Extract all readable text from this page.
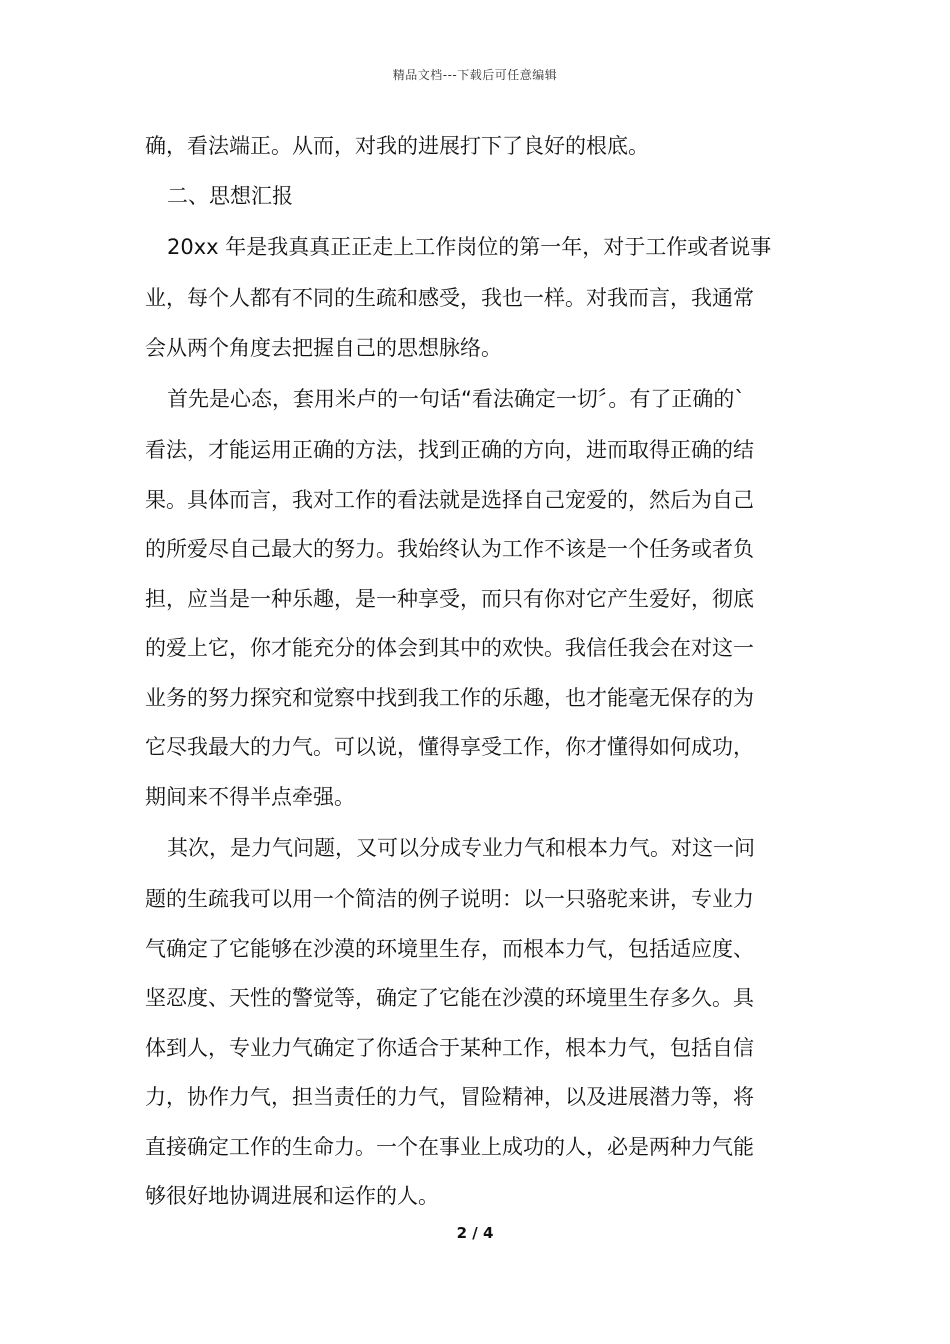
精品文档---下载后可任意编辑
确，看法端正。从而，对我的进展打下了良好的根底。
二、思想汇报
20xx 年是我真真正正走上工作岗位的第一年，对于工作或者说事
业，每个人都有不同的生疏和感受，我也一样。对我而言，我通常
会从两个角度去把握自己的思想脉络。
首先是心态，套用米卢的一句话“看法确定一切〞。有了正确的`
看法，才能运用正确的方法，找到正确的方向，进而取得正确的结
果。具体而言，我对工作的看法就是选择自己宠爱的，然后为自己
的所爱尽自己最大的努力。我始终认为工作不该是一个任务或者负
担，应当是一种乐趣，是一种享受，而只有你对它产生爱好，彻底
的爱上它，你才能充分的体会到其中的欢快。我信任我会在对这一
业务的努力探究和觉察中找到我工作的乐趣，也才能毫无保存的为
它尽我最大的力气。可以说，懂得享受工作，你才懂得如何成功，
期间来不得半点牵强。
其次，是力气问题，又可以分成专业力气和根本力气。对这一问
题的生疏我可以用一个简洁的例子说明：以一只骆驼来讲，专业力
气确定了它能够在沙漠的环境里生存，而根本力气，包括适应度、
坚忍度、天性的警觉等，确定了它能在沙漠的环境里生存多久。具
体到人，专业力气确定了你适合于某种工作，根本力气，包括自信
力，协作力气，担当责任的力气，冒险精神，以及进展潜力等，将
直接确定工作的生命力。一个在事业上成功的人，必是两种力气能
够很好地协调进展和运作的人。
2 / 4
